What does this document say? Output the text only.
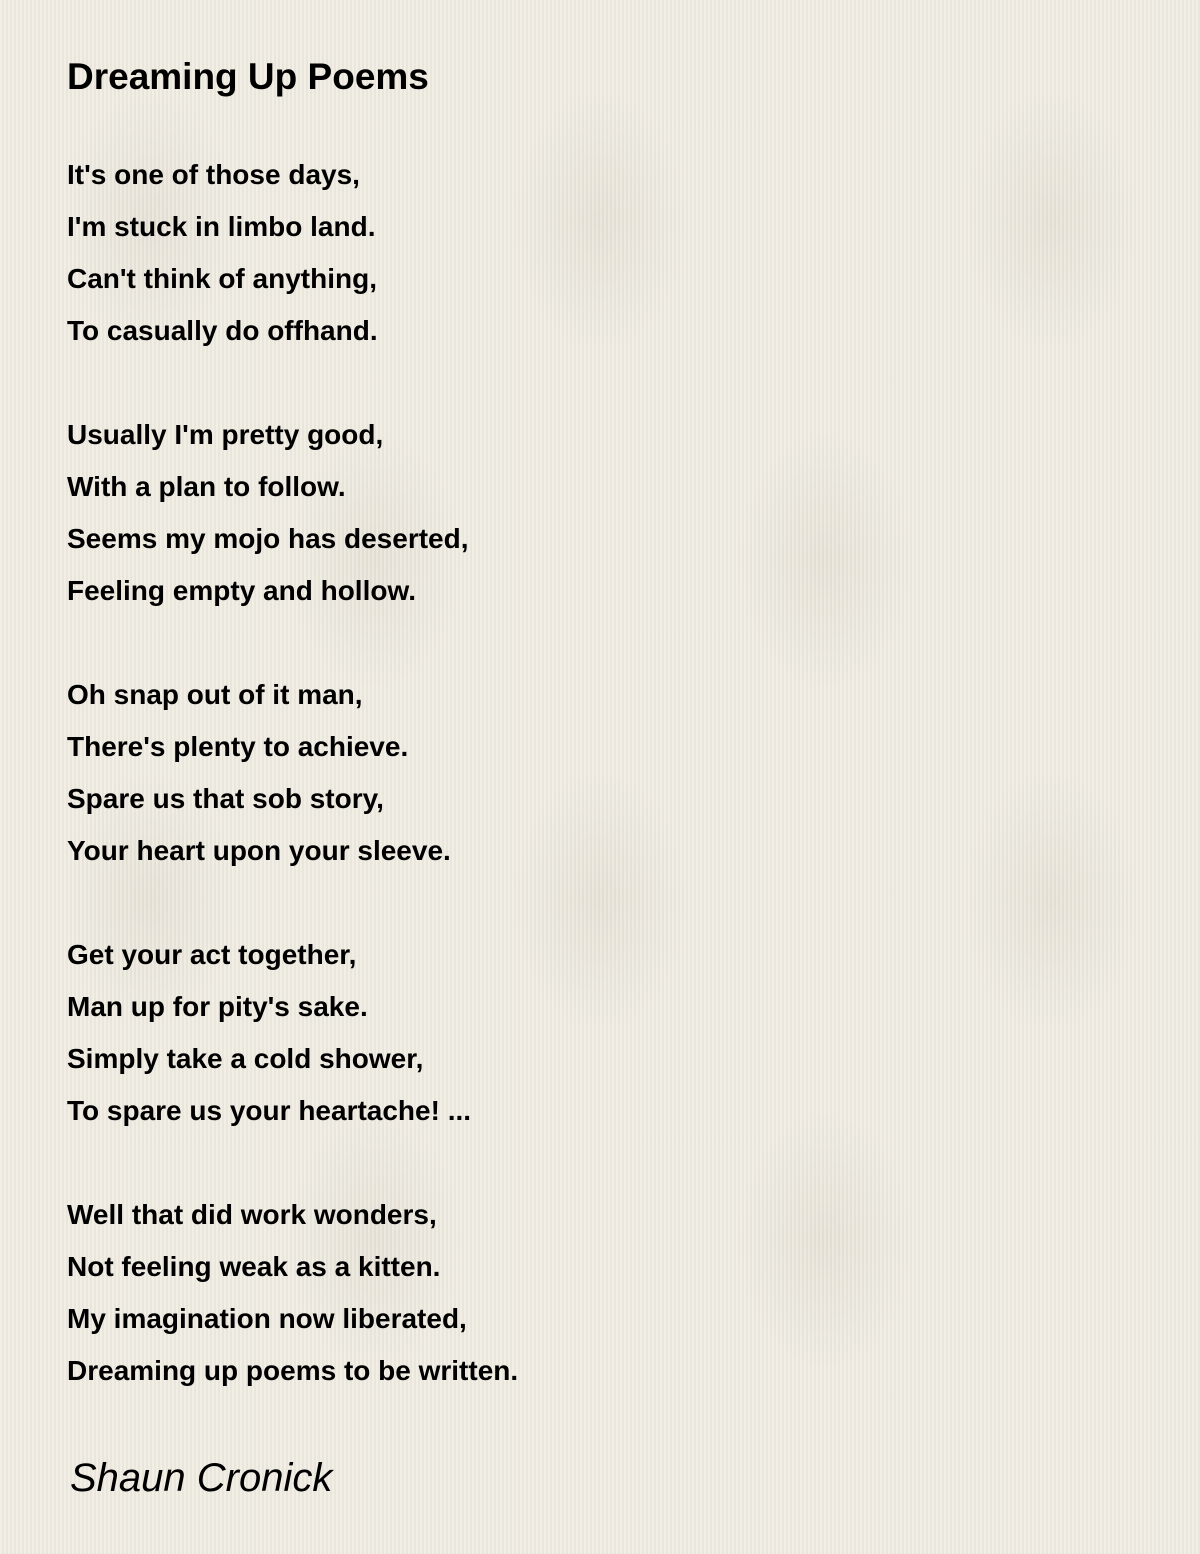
Dreaming Up Poems
It's one of those days,
I'm stuck in limbo land.
Can't think of anything,
To casually do offhand.
Usually I'm pretty good,
With a plan to follow.
Seems my mojo has deserted,
Feeling empty and hollow.
Oh snap out of it man,
There's plenty to achieve.
Spare us that sob story,
Your heart upon your sleeve.
Get your act together,
Man up for pity's sake.
Simply take a cold shower,
To spare us your heartache! ...
Well that did work wonders,
Not feeling weak as a kitten.
My imagination now liberated,
Dreaming up poems to be written.
Shaun Cronick
